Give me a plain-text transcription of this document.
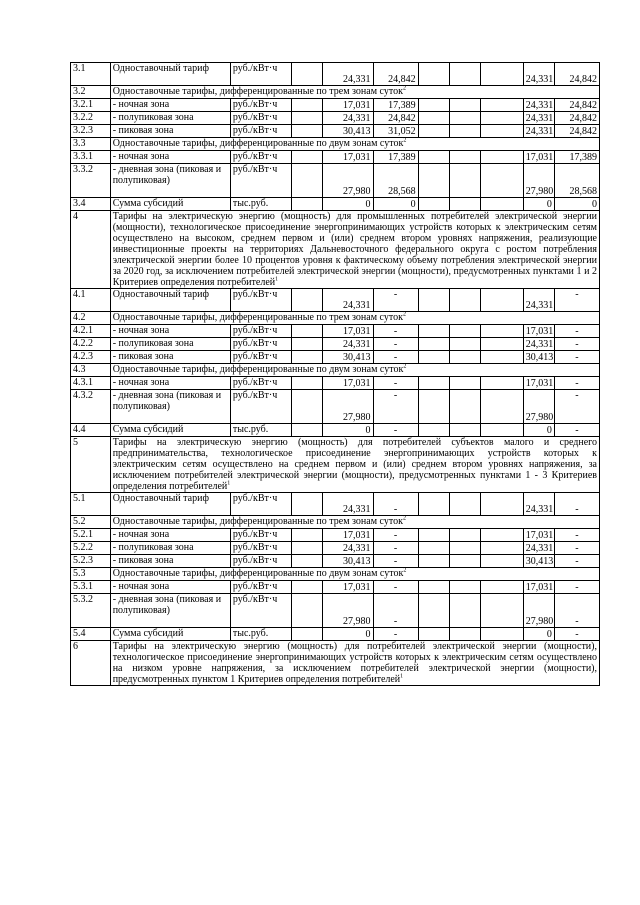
3.1	Одноставочный тариф	руб./кВт·ч		24,331	24,842				24,331	24,842
3.2	Одноставочные тарифы, дифференцированные по трем зонам суток$^2$
3.2.1	- ночная зона	руб./кВт·ч		17,031	17,389				24,331	24,842
3.2.2	- полупиковая зона	руб./кВт·ч		24,331	24,842				24,331	24,842
3.2.3	- пиковая зона	руб./кВт·ч		30,413	31,052				24,331	24,842
3.3	Одноставочные тарифы, дифференцированные по двум зонам суток$^2$
3.3.1	- ночная зона	руб./кВт·ч		17,031	17,389				17,031	17,389
3.3.2	- дневная зона (пиковая и полупиковая)	руб./кВт·ч		27,980	28,568				27,980	28,568
3.4	Сумма субсидий	тыс.руб.		0	0				0	0
4	Тарифы на электрическую энергию (мощность) для промышленных потребителей электрической энергии (мощности), технологическое присоединение энергопринимающих устройств которых к электрическим сетям осуществлено на высоком, среднем первом и (или) среднем втором уровнях напряжения, реализующие инвестиционные проекты на территориях Дальневосточного федерального округа с ростом потребления электрической энергии более 10 процентов уровня к фактическому объему потребления электрической энергии за 2020 год, за исключением потребителей электрической энергии (мощности), предусмотренных пунктами 1 и 2 Критериев определения потребителей$^1$
4.1	Одноставочный тариф	руб./кВт·ч		24,331	-				24,331	-
4.2	Одноставочные тарифы, дифференцированные по трем зонам суток$^2$
4.2.1	- ночная зона	руб./кВт·ч		17,031	-				17,031	-
4.2.2	- полупиковая зона	руб./кВт·ч		24,331	-				24,331	-
4.2.3	- пиковая зона	руб./кВт·ч		30,413	-				30,413	-
4.3	Одноставочные тарифы, дифференцированные по двум зонам суток$^2$
4.3.1	- ночная зона	руб./кВт·ч		17,031	-				17,031	-
4.3.2	- дневная зона (пиковая и полупиковая)	руб./кВт·ч		27,980	-				27,980	-
4.4	Сумма субсидий	тыс.руб.		0	-				0	-
5	Тарифы на электрическую энергию (мощность) для потребителей субъектов малого и среднего предпринимательства, технологическое присоединение энергопринимающих устройств которых к электрическим сетям осуществлено на среднем первом и (или) среднем втором уровнях напряжения, за исключением потребителей электрической энергии (мощности), предусмотренных пунктами 1 - 3 Критериев определения потребителей$^1$
5.1	Одноставочный тариф	руб./кВт·ч		24,331	-				24,331	-
5.2	Одноставочные тарифы, дифференцированные по трем зонам суток$^2$
5.2.1	- ночная зона	руб./кВт·ч		17,031	-				17,031	-
5.2.2	- полупиковая зона	руб./кВт·ч		24,331	-				24,331	-
5.2.3	- пиковая зона	руб./кВт·ч		30,413	-				30,413	-
5.3	Одноставочные тарифы, дифференцированные по двум зонам суток$^2$
5.3.1	- ночная зона	руб./кВт·ч		17,031	-				17,031	-
5.3.2	- дневная зона (пиковая и полупиковая)	руб./кВт·ч		27,980	-				27,980	-
5.4	Сумма субсидий	тыс.руб.		0	-				0	-
6	Тарифы на электрическую энергию (мощность) для потребителей электрической энергии (мощности), технологическое присоединение энергопринимающих устройств которых к электрическим сетям осуществлено на низком уровне напряжения, за исключением потребителей электрической энергии (мощности), предусмотренных пунктом 1 Критериев определения потребителей$^1$
